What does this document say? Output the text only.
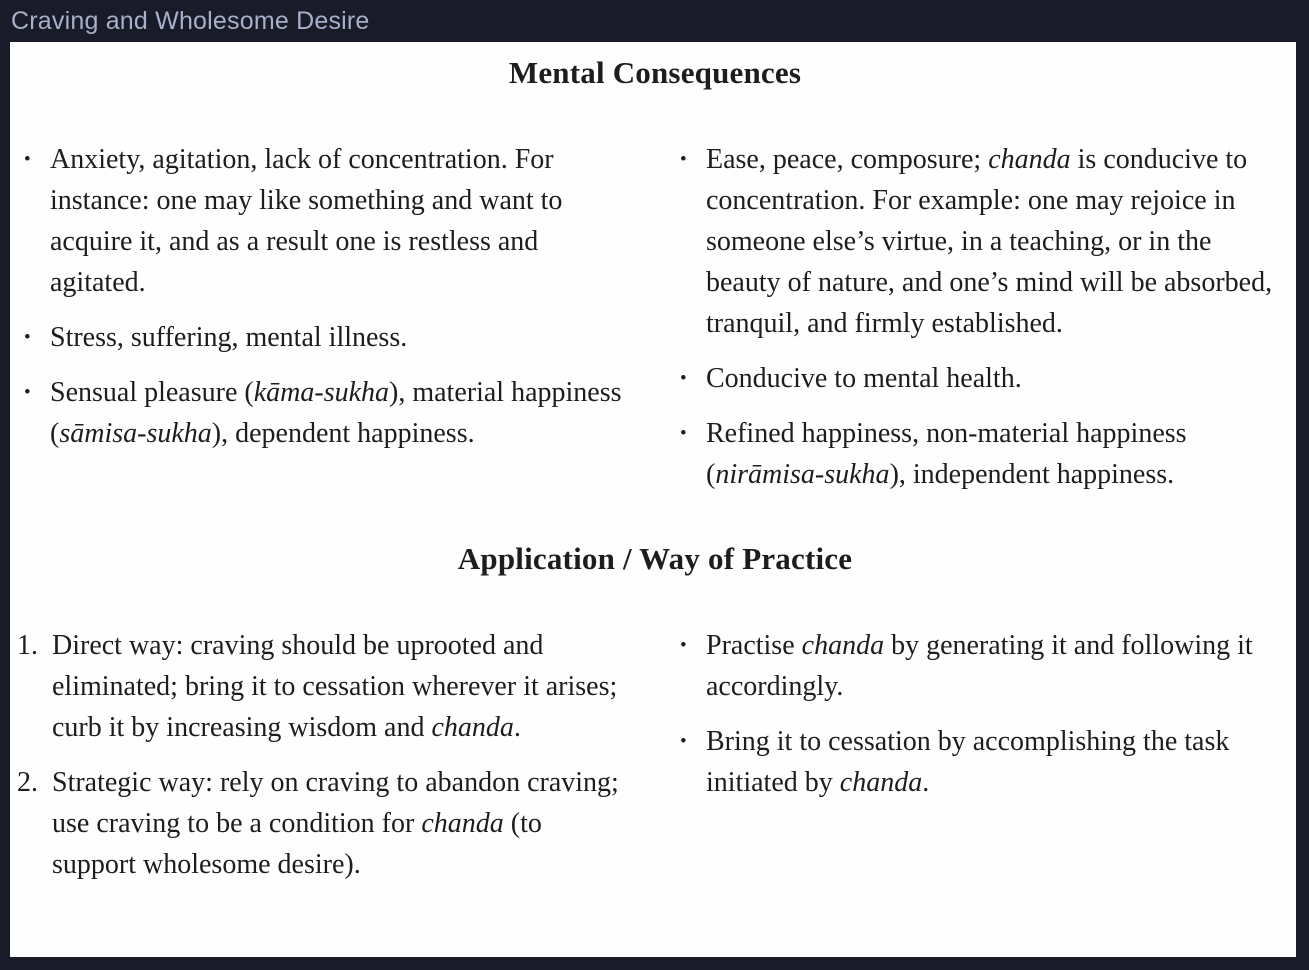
Craving and Wholesome Desire
Mental Consequences
• Anxiety, agitation, lack of concentration. For instance: one may like something and want to acquire it, and as a result one is restless and agitated.
• Stress, suffering, mental illness.
• Sensual pleasure (kāma-sukha), material happiness (sāmisa-sukha), dependent happiness.
• Ease, peace, composure; chanda is conducive to concentration. For example: one may rejoice in someone else’s virtue, in a teaching, or in the beauty of nature, and one’s mind will be absorbed, tranquil, and firmly established.
• Conducive to mental health.
• Refined happiness, non-material happiness (nirāmisa-sukha), independent happiness.
Application / Way of Practice
1. Direct way: craving should be uprooted and eliminated; bring it to cessation wherever it arises; curb it by increasing wisdom and chanda.
2. Strategic way: rely on craving to abandon craving; use craving to be a condition for chanda (to support wholesome desire).
• Practise chanda by generating it and following it accordingly.
• Bring it to cessation by accomplishing the task initiated by chanda.
